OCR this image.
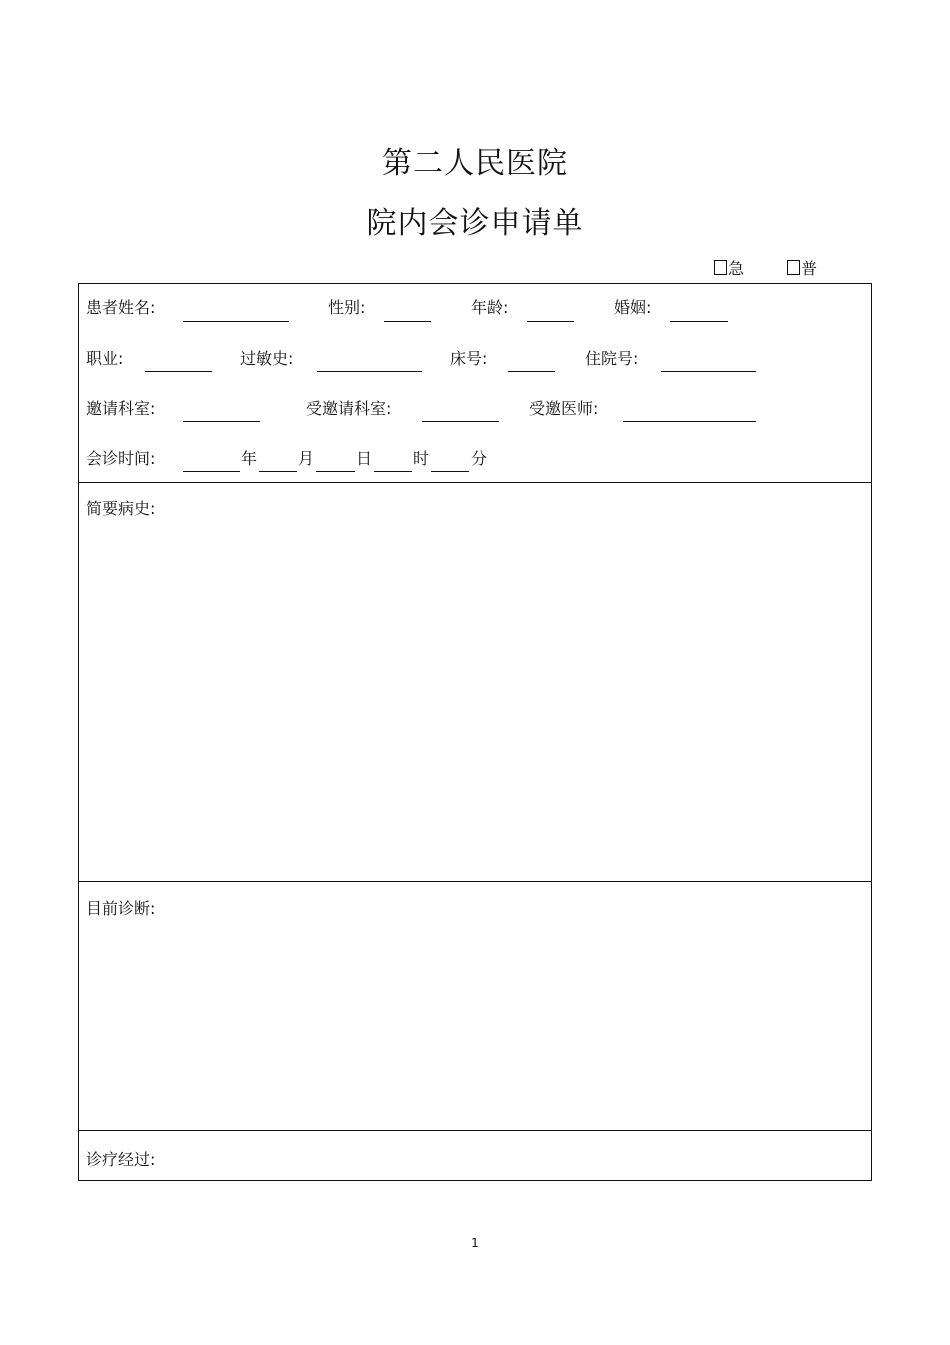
第二人民医院
院内会诊申请单
急	普
患者姓名:	性别:	年龄:	婚姻:
职业:	过敏史:	床号:	住院号:
邀请科室:	受邀请科室:	受邀医师:
会诊时间:	年	月	日	时	分
简要病史:
目前诊断:
诊疗经过:
1
